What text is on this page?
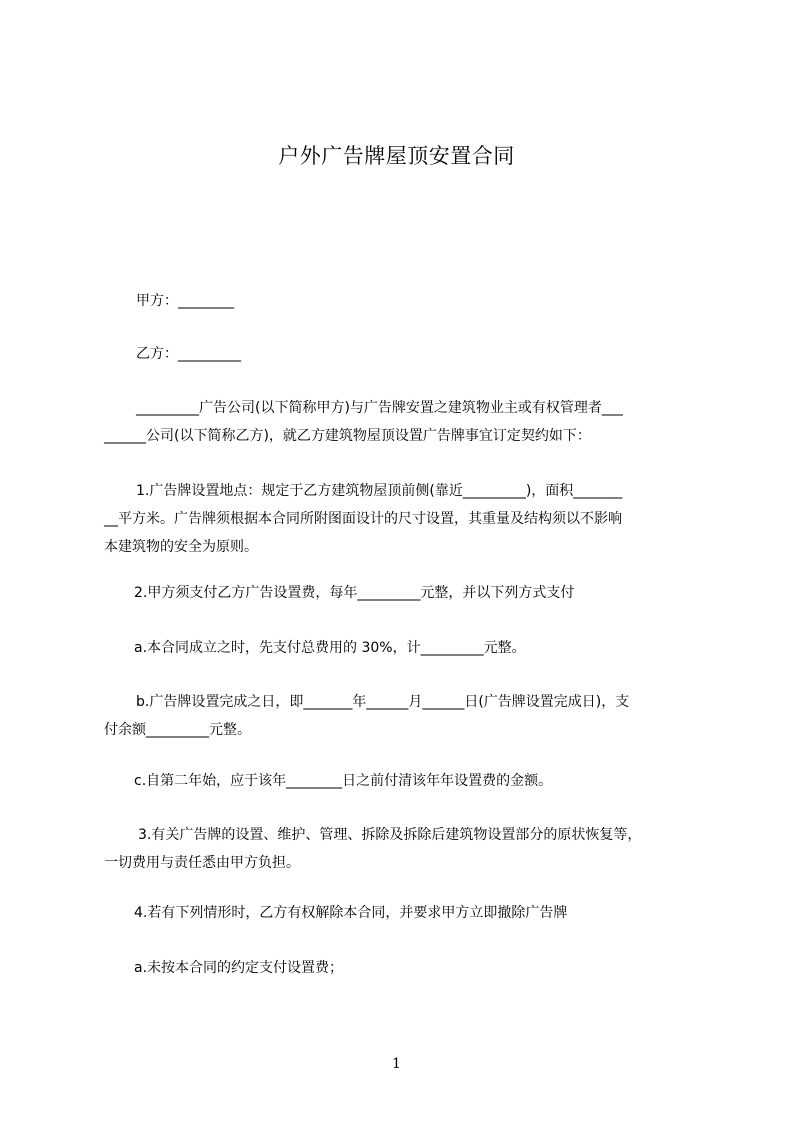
户外广告牌屋顶安置合同
甲方：________
乙方：_________
_________广告公司(以下简称甲方)与广告牌安置之建筑物业主或有权管理者___
______公司(以下简称乙方)，就乙方建筑物屋顶设置广告牌事宜订定契约如下：
1.广告牌设置地点：规定于乙方建筑物屋顶前侧(靠近_________)，面积_______
__平方米。广告牌须根据本合同所附图面设计的尺寸设置，其重量及结构须以不影响
本建筑物的安全为原则。
2.甲方须支付乙方广告设置费，每年_________元整，并以下列方式支付
a.本合同成立之时，先支付总费用的 30%，计_________元整。
b.广告牌设置完成之日，即_______年______月______日(广告牌设置完成日)，支
付余额_________元整。
c.自第二年始，应于该年________日之前付清该年年设置费的金额。
3.有关广告牌的设置、维护、管理、拆除及拆除后建筑物设置部分的原状恢复等，
一切费用与责任悉由甲方负担。
4.若有下列情形时，乙方有权解除本合同，并要求甲方立即撤除广告牌
a.未按本合同的约定支付设置费；
1
